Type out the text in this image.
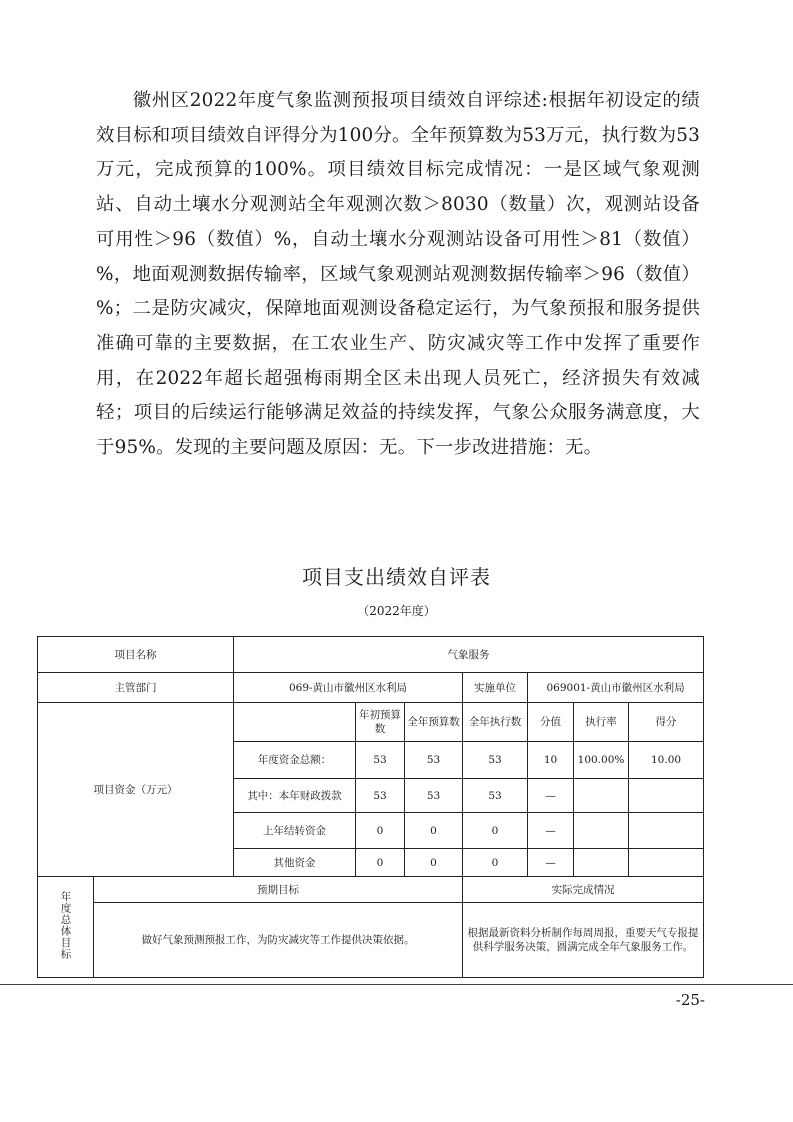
徽州区2022年度气象监测预报项目绩效自评综述:根据年初设定的绩效目标和项目绩效自评得分为100分。全年预算数为53万元，执行数为53万元，完成预算的100%。项目绩效目标完成情况：一是区域气象观测站、自动土壤水分观测站全年观测次数＞8030（数量）次，观测站设备可用性＞96（数值）%，自动土壤水分观测站设备可用性＞81（数值）%，地面观测数据传输率，区域气象观测站观测数据传输率＞96（数值）%；二是防灾减灾，保障地面观测设备稳定运行，为气象预报和服务提供准确可靠的主要数据，在工农业生产、防灾减灾等工作中发挥了重要作用，在2022年超长超强梅雨期全区未出现人员死亡，经济损失有效减轻；项目的后续运行能够满足效益的持续发挥，气象公众服务满意度，大于95%。发现的主要问题及原因：无。下一步改进措施：无。

项目支出绩效自评表
（2022年度）
项目名称		气象服务						
主管部门		069-黄山市徽州区水利局			实施单位	069001-黄山市徽州区水利局		
项目资金（万元）			年初预算数	全年预算数	全年执行数	分值	执行率	得分
		年度资金总额：	53	53	53	10	100.00%	10.00
		其中：本年财政拨款	53	53	53	—		
		上年结转资金	0	0	0	—		
		其他资金	0	0	0	—		
年度总体目标	预期目标				实际完成情况			
	做好气象预测预报工作，为防灾减灾等工作提供决策依据。				根据最新资料分析制作每周周报，重要天气专报提供科学服务决策，圆满完成全年气象服务工作。			
-25-
